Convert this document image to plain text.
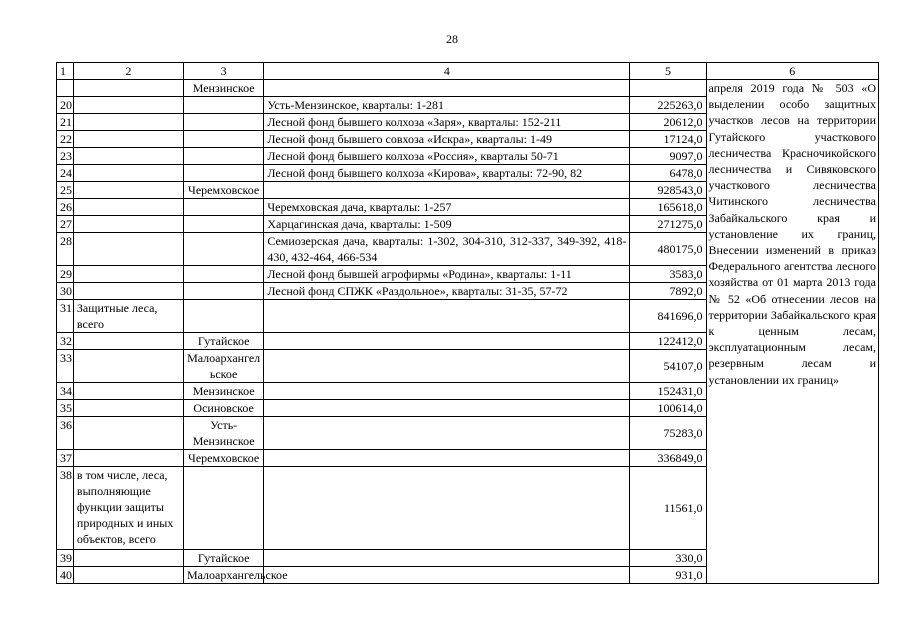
28
1	2	3	4	5	6
		Мензинское			апреля 2019 года № 503 «О выделении особо защитных участков лесов на территории Гутайского участкового лесничества Красночикойского лесничества и Сивяковского участкового лесничества Читинского лесничества Забайкальского края и установление их границ, Внесении изменений в приказ Федерального агентства лесного хозяйства от 01 марта 2013 года № 52 «Об отнесении лесов на территории Забайкальского края к ценным лесам, эксплуатационным лесам, резервным лесам и установлении их границ»
20.			Усть-Мензинское, кварталы: 1-281	225263,0	
21.			Лесной фонд бывшего колхоза «Заря», кварталы: 152-211	20612,0	
22.			Лесной фонд бывшего совхоза «Искра», кварталы: 1-49	17124,0	
23.			Лесной фонд бывшего колхоза «Россия», кварталы 50-71	9097,0	
24.			Лесной фонд бывшего колхоза «Кирова», кварталы: 72-90, 82	6478,0	
25.		Черемховское		928543,0	
26.			Черемховская дача, кварталы: 1-257	165618,0	
27.			Харцагинская дача, кварталы: 1-509	271275,0	
28.			Семиозерская дача, кварталы: 1-302, 304-310, 312-337, 349-392, 418-430, 432-464, 466-534	480175,0	
29.			Лесной фонд бывшей агрофирмы «Родина», кварталы: 1-11	3583,0	
30.			Лесной фонд СПЖК «Раздольное», кварталы: 31-35, 57-72	7892,0	
31.	Защитные леса, всего			841696,0	
32.		Гутайское		122412,0	
33.		Малоархангельское		54107,0	
34.		Мензинское		152431,0	
35.		Осиновское		100614,0	
36.		Усть-Мензинское		75283,0	
37.		Черемховское		336849,0	
38.	в том числе, леса, выполняющие функции защиты природных и иных объектов, всего			11561,0	
39.		Гутайское		330,0	
40.		Малоархангельское		931,0	
